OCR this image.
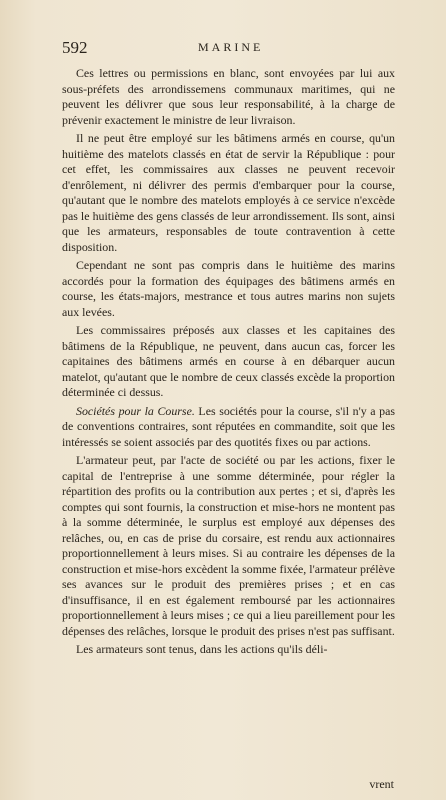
592	MARINE

Ces lettres ou permissions en blanc, sont envoyées par lui aux sous-préfets des arrondissemens communaux maritimes, qui ne peuvent les délivrer que sous leur responsabilité, à la charge de prévenir exactement le ministre de leur livraison.

Il ne peut être employé sur les bâtimens armés en course, qu'un huitième des matelots classés en état de servir la République : pour cet effet, les commissaires aux classes ne peuvent recevoir d'enrôlement, ni délivrer des permis d'embarquer pour la course, qu'autant que le nombre des matelots employés à ce service n'excède pas le huitième des gens classés de leur arrondissement. Ils sont, ainsi que les armateurs, responsables de toute contravention à cette disposition.

Cependant ne sont pas compris dans le huitième des marins accordés pour la formation des équipages des bâtimens armés en course, les états-majors, mestrance et tous autres marins non sujets aux levées.

Les commissaires préposés aux classes et les capitaines des bâtimens de la République, ne peuvent, dans aucun cas, forcer les capitaines des bâtimens armés en course à en débarquer aucun matelot, qu'autant que le nombre de ceux classés excède la proportion déterminée ci dessus.

Sociétés pour la Course. Les sociétés pour la course, s'il n'y a pas de conventions contraires, sont réputées en commandite, soit que les intéressés se soient associés par des quotités fixes ou par actions.

L'armateur peut, par l'acte de société ou par les actions, fixer le capital de l'entreprise à une somme déterminée, pour régler la répartition des profits ou la contribution aux pertes ; et si, d'après les comptes qui sont fournis, la construction et mise-hors ne montent pas à la somme déterminée, le surplus est employé aux dépenses des relâches, ou, en cas de prise du corsaire, est rendu aux actionnaires proportionnellement à leurs mises. Si au contraire les dépenses de la construction et mise-hors excèdent la somme fixée, l'armateur prélève ses avances sur le produit des premières prises ; et en cas d'insuffisance, il en est également remboursé par les actionnaires proportionnellement à leurs mises ; ce qui a lieu pareillement pour les dépenses des relâches, lorsque le produit des prises n'est pas suffisant.

Les armateurs sont tenus, dans les actions qu'ils déli-

vrent
